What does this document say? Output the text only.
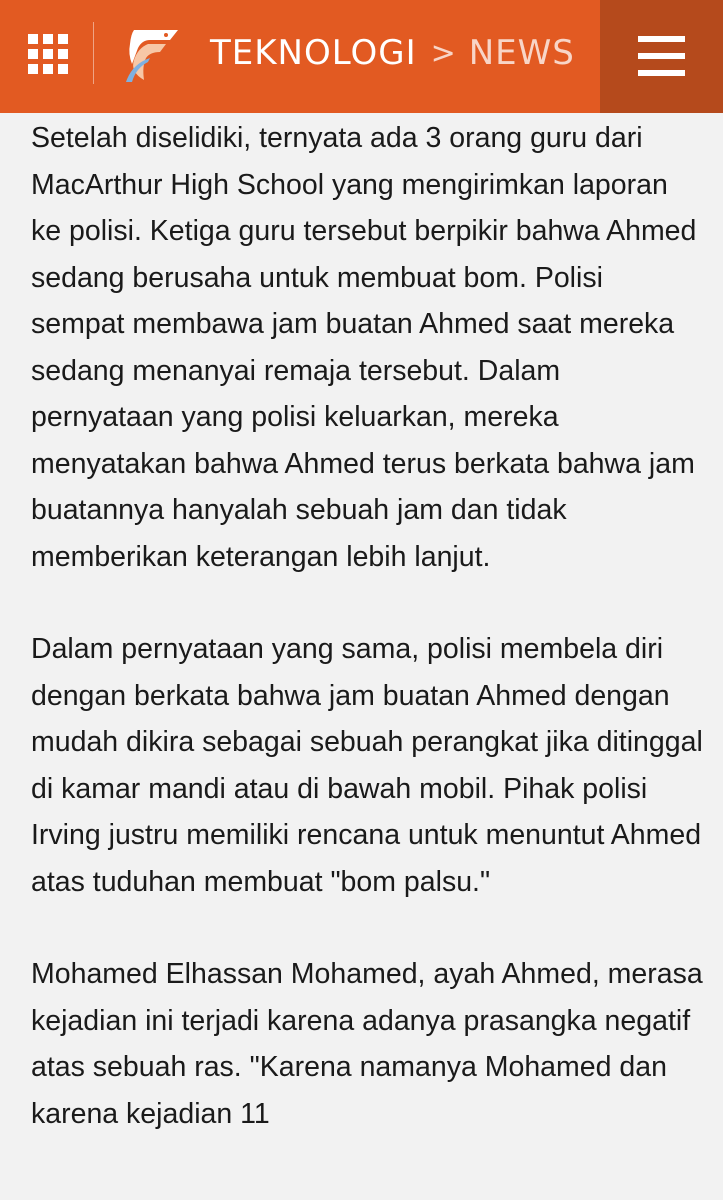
TEKNOLOGI > NEWS

Setelah diselidiki, ternyata ada 3 orang guru dari MacArthur High School yang mengirimkan laporan ke polisi. Ketiga guru tersebut berpikir bahwa Ahmed sedang berusaha untuk membuat bom. Polisi sempat membawa jam buatan Ahmed saat mereka sedang menanyai remaja tersebut. Dalam pernyataan yang polisi keluarkan, mereka menyatakan bahwa Ahmed terus berkata bahwa jam buatannya hanyalah sebuah jam dan tidak memberikan keterangan lebih lanjut.

Dalam pernyataan yang sama, polisi membela diri dengan berkata bahwa jam buatan Ahmed dengan mudah dikira sebagai sebuah perangkat jika ditinggal di kamar mandi atau di bawah mobil. Pihak polisi Irving justru memiliki rencana untuk menuntut Ahmed atas tuduhan membuat "bom palsu."

Mohamed Elhassan Mohamed, ayah Ahmed, merasa kejadian ini terjadi karena adanya prasangka negatif atas sebuah ras. "Karena namanya Mohamed dan karena kejadian 11
